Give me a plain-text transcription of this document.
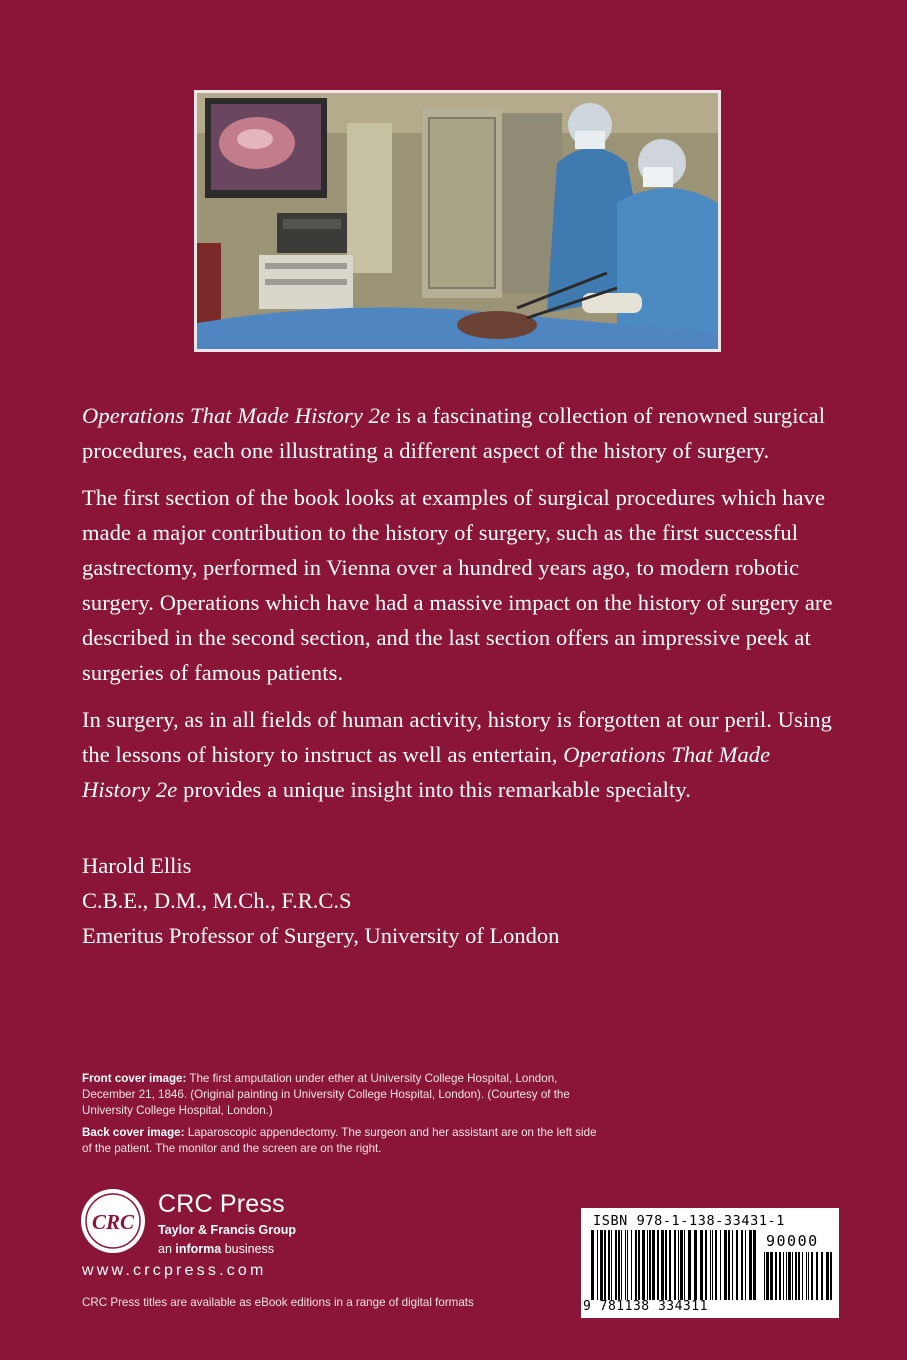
Operations That Made History 2e is a fascinating collection of renowned surgical procedures, each one illustrating a different aspect of the history of surgery.

The first section of the book looks at examples of surgical procedures which have made a major contribution to the history of surgery, such as the first successful gastrectomy, performed in Vienna over a hundred years ago, to modern robotic surgery. Operations which have had a massive impact on the history of surgery are described in the second section, and the last section offers an impressive peek at surgeries of famous patients.

In surgery, as in all fields of human activity, history is forgotten at our peril. Using the lessons of history to instruct as well as entertain, Operations That Made History 2e provides a unique insight into this remarkable specialty.

Harold Ellis
C.B.E., D.M., M.Ch., F.R.C.S
Emeritus Professor of Surgery, University of London

Front cover image: The first amputation under ether at University College Hospital, London, December 21, 1846. (Original painting in University College Hospital, London). (Courtesy of the University College Hospital, London.)

Back cover image: Laparoscopic appendectomy. The surgeon and her assistant are on the left side of the patient. The monitor and the screen are on the right.

CRC
CRC Press
Taylor & Francis Group
an informa business
www.crcpress.com
CRC Press titles are available as eBook editions in a range of digital formats
ISBN 978-1-138-33431-1
90000
9 781138 334311
